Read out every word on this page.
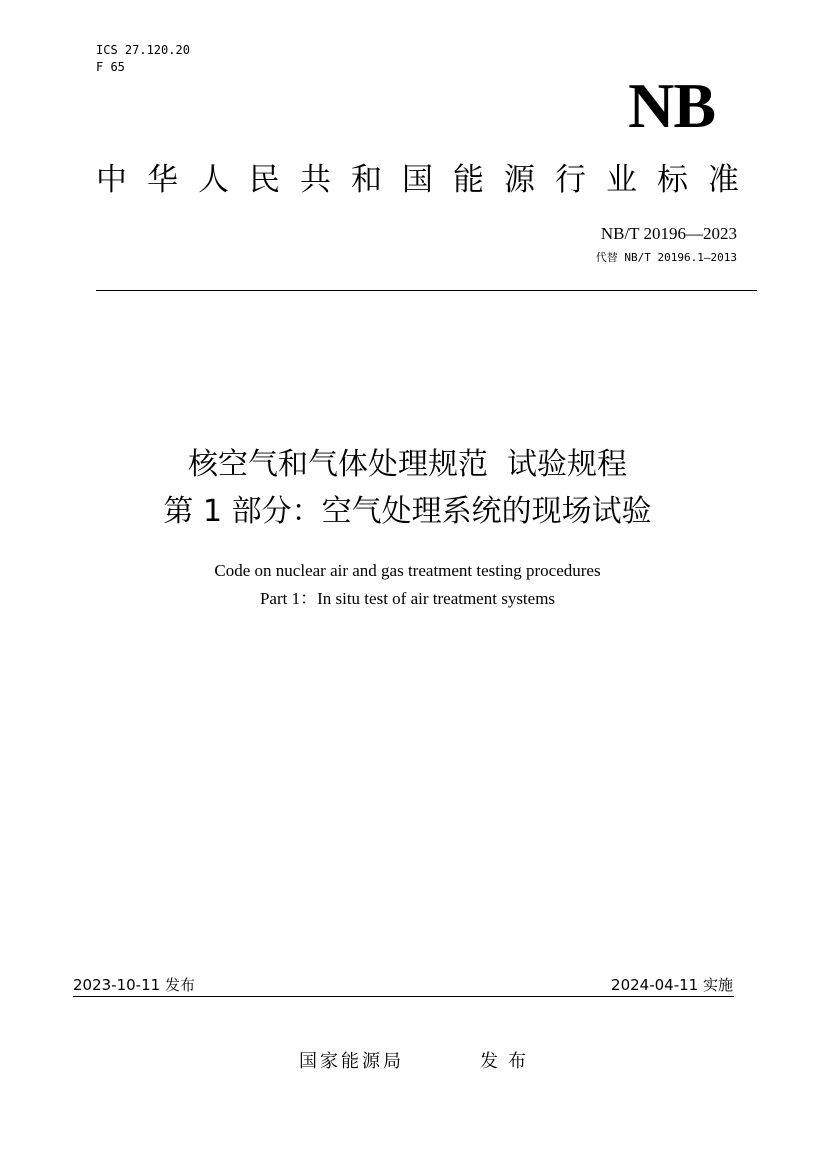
ICS 27.120.20
F 65
NB
中华人民共和国能源行业标准
NB/T 20196—2023
代替 NB/T 20196.1—2013
核空气和气体处理规范  试验规程
第 1 部分：空气处理系统的现场试验
Code on nuclear air and gas treatment testing procedures
Part 1：In situ test of air treatment systems
2023-10-11 发布	2024-04-11 实施
国家能源局	发布
